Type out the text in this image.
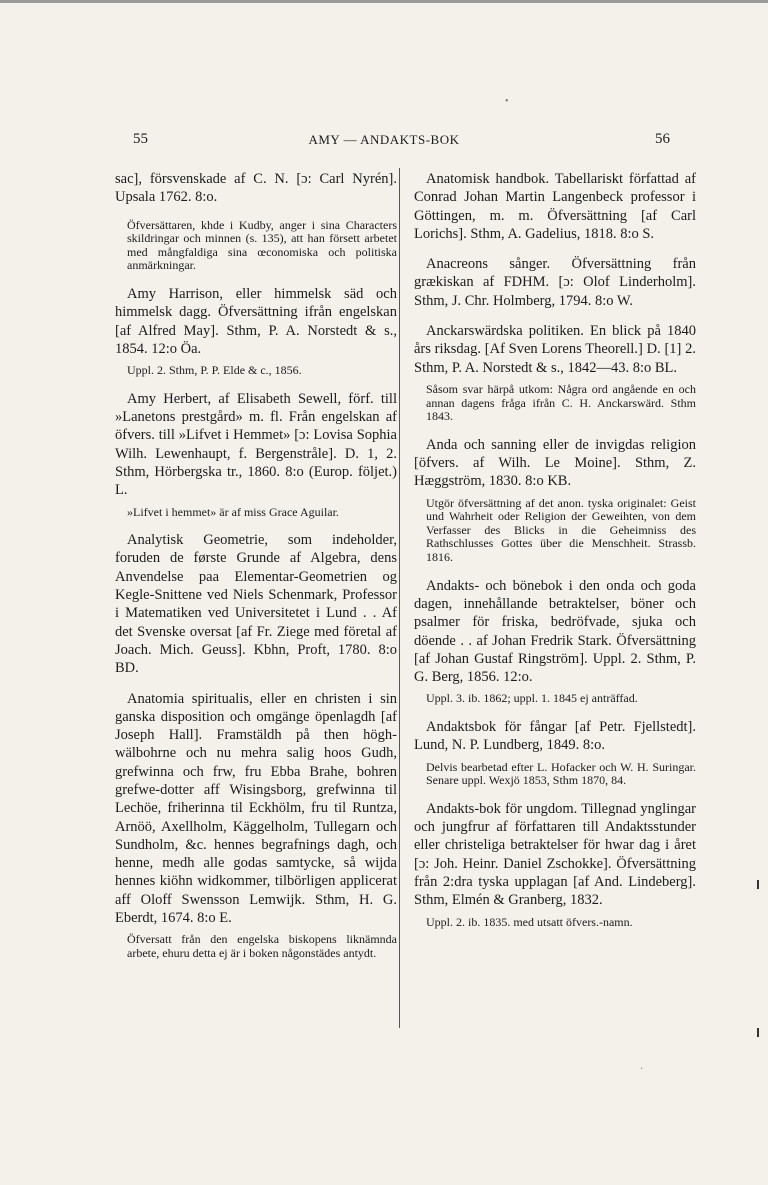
55	AMY — ANDAKTS-BOK	56

sac], försvenskade af C. N. [ɔ: Carl Nyrén]. Upsala 1762. 8:o.

Öfversättaren, khde i Kudby, anger i sina Characters skildringar och minnen (s. 135), att han försett arbetet med mångfaldiga sina œconomiska och politiska anmärkningar.

Amy Harrison, eller himmelsk säd och himmelsk dagg. Öfversättning ifrån engelskan [af Alfred May]. Sthm, P. A. Norstedt & s., 1854. 12:o Öa.

Uppl. 2. Sthm, P. P. Elde & c., 1856.

Amy Herbert, af Elisabeth Sewell, förf. till »Lanetons prestgård» m. fl. Från engelskan af öfvers. till »Lifvet i Hemmet» [ɔ: Lovisa Sophia Wilh. Lewenhaupt, f. Bergenstråle]. D. 1, 2. Sthm, Hörbergska tr., 1860. 8:o (Europ. följet.) L.

»Lifvet i hemmet» är af miss Grace Aguilar.

Analytisk Geometrie, som indeholder, foruden de første Grunde af Algebra, dens Anvendelse paa Elementar-Geometrien og Kegle-Snittene ved Niels Schenmark, Professor i Matematiken ved Universitetet i Lund . . Af det Svenske oversat [af Fr. Ziege med företal af Joach. Mich. Geuss]. Kbhn, Proft, 1780. 8:o BD.

Anatomia spiritualis, eller en christen i sin ganska disposition och omgänge öpenlagdh [af Joseph Hall]. Framstäldh på then högh-wälbohrne och nu mehra salig hoos Gudh, grefwinna och frw, fru Ebba Brahe, bohren grefwe-dotter aff Wisingsborg, grefwinna til Lechöe, friherinna til Eckhölm, fru til Runtza, Arnöö, Axellholm, Käggelholm, Tullegarn och Sundholm, &c. hennes begrafnings dagh, och henne, medh alle godas samtycke, så wijda hennes kiöhn widkommer, tilbörligen applicerat aff Oloff Swensson Lemwijk. Sthm, H. G. Eberdt, 1674. 8:o E.

Öfversatt från den engelska biskopens liknämnda arbete, ehuru detta ej är i boken någonstädes antydt.

Anatomisk handbok. Tabellariskt författad af Conrad Johan Martin Langenbeck professor i Göttingen, m. m. Öfversättning [af Carl Lorichs]. Sthm, A. Gadelius, 1818. 8:o S.

Anacreons sånger. Öfversättning från grækiskan af FDHM. [ɔ: Olof Linderholm]. Sthm, J. Chr. Holmberg, 1794. 8:o W.

Anckarswärdska politiken. En blick på 1840 års riksdag. [Af Sven Lorens Theorell.] D. [1] 2. Sthm, P. A. Norstedt & s., 1842—43. 8:o BL.

Såsom svar härpå utkom: Några ord angående en och annan dagens fråga ifrån C. H. Anckarswärd. Sthm 1843.

Anda och sanning eller de invigdas religion [öfvers. af Wilh. Le Moine]. Sthm, Z. Hæggström, 1830. 8:o KB.

Utgör öfversättning af det anon. tyska originalet: Geist und Wahrheit oder Religion der Geweihten, von dem Verfasser des Blicks in die Geheimniss des Rathschlusses Gottes über die Menschheit. Strassb. 1816.

Andakts- och bönebok i den onda och goda dagen, innehållande betraktelser, böner och psalmer för friska, bedröfvade, sjuka och döende . . af Johan Fredrik Stark. Öfversättning [af Johan Gustaf Ringström]. Uppl. 2. Sthm, P. G. Berg, 1856. 12:o.

Uppl. 3. ib. 1862; uppl. 1. 1845 ej anträffad.

Andaktsbok för fångar [af Petr. Fjellstedt]. Lund, N. P. Lundberg, 1849. 8:o.

Delvis bearbetad efter L. Hofacker och W. H. Suringar. Senare uppl. Wexjö 1853, Sthm 1870, 84.

Andakts-bok för ungdom. Tillegnad ynglingar och jungfrur af författaren till Andaktsstunder eller christeliga betraktelser för hwar dag i året [ɔ: Joh. Heinr. Daniel Zschokke]. Öfversättning från 2:dra tyska upplagan [af And. Lindeberg]. Sthm, Elmén & Granberg, 1832.

Uppl. 2. ib. 1835. med utsatt öfvers.-namn.

•
·
